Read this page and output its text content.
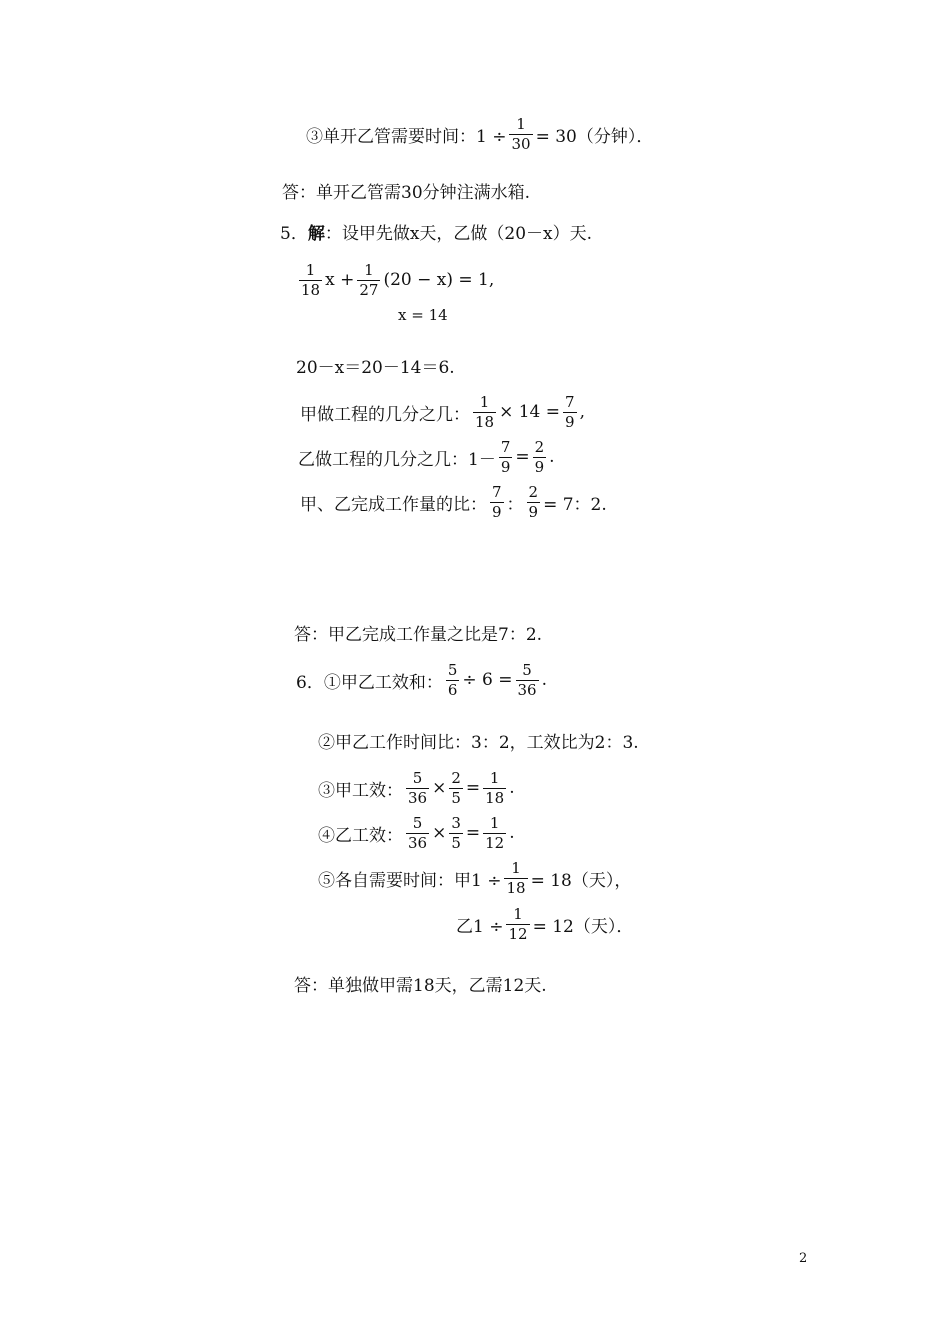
③单开乙管需要时间：$1 \div \frac{1}{30} = 30$（分钟）．
答：单开乙管需30分钟注满水箱.
5． 解 ：设甲先做x天，乙做（20－x）天.
$\frac{1}{18}$ $x + \frac{1}{27} (20 - x) = 1$,
x = 14
20－x＝20－14＝6.
甲做工程的几分之几： $\frac{1}{18} \times 14 = \frac{7}{9}$ ,
乙做工程的几分之几：$1- \frac{7}{9} = \frac{2}{9}$ .
甲、乙完成工作量的比： $\frac{7}{9}$ ： $\frac{2}{9} = 7$：2.
答：甲乙完成工作量之比是7：2.
6．①甲乙工效和： $\frac{5}{6} \div 6 = \frac{5}{36}$ .
②甲乙工作时间比：3：2，工效比为2：3.
③甲工效： $\frac{5}{36} \times \frac{2}{5} = \frac{1}{18}$ .
④乙工效： $\frac{5}{36} \times \frac{3}{5} = \frac{1}{12}$ .
⑤各自需要时间：甲$1 \div \frac{1}{18} = 18$（天），
乙$1 \div \frac{1}{12} = 12$（天）．
答：单独做甲需18天，乙需12天.
2
